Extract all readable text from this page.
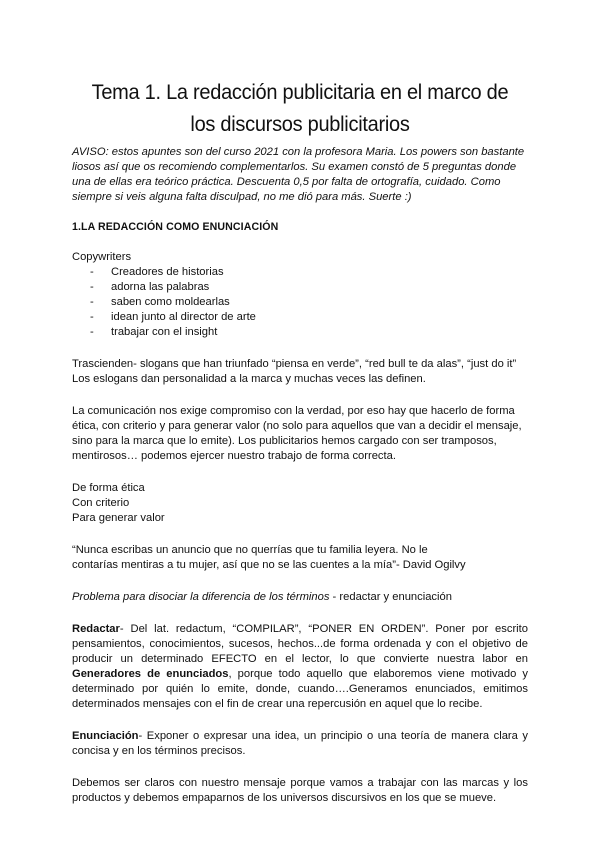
Tema 1. La redacción publicitaria en el marco de los discursos publicitarios

AVISO: estos apuntes son del curso 2021 con la profesora Maria. Los powers son bastante liosos así que os recomiendo complementarlos. Su examen constó de 5 preguntas donde una de ellas era teórico práctica. Descuenta 0,5 por falta de ortografía, cuidado. Como siempre si veis alguna falta disculpad, no me dió para más. Suerte :)

1.LA REDACCIÓN COMO ENUNCIACIÓN

Copywriters

- Creadores de historias
- adorna las palabras
- saben como moldearlas
- idean junto al director de arte
- trabajar con el insight

Trascienden- slogans que han triunfado “piensa en verde”, “red bull te da alas”, “just do it”

Los eslogans dan personalidad a la marca y muchas veces las definen.

La comunicación nos exige compromiso con la verdad, por eso hay que hacerlo de forma ética, con criterio y para generar valor (no solo para aquellos que van a decidir el mensaje, sino para la marca que lo emite). Los publicitarios hemos cargado con ser tramposos, mentirosos… podemos ejercer nuestro trabajo de forma correcta.

De forma ética

Con criterio

Para generar valor

“Nunca escribas un anuncio que no querrías que tu familia leyera. No le

contarías mentiras a tu mujer, así que no se las cuentes a la mía”- David Ogilvy

Problema para disociar la diferencia de los términos - redactar y enunciación

Redactar- Del lat. redactum, “COMPILAR”, “PONER EN ORDEN”. Poner por escrito pensamientos, conocimientos, sucesos, hechos...de forma ordenada y con el objetivo de producir un determinado EFECTO en el lector, lo que convierte nuestra labor en Generadores de enunciados, porque todo aquello que elaboremos viene motivado y determinado por quién lo emite, donde, cuando….Generamos enunciados, emitimos determinados mensajes con el fin de crear una repercusión en aquel que lo recibe.

Enunciación- Exponer o expresar una idea, un principio o una teoría de manera clara y concisa y en los términos precisos.

Debemos ser claros con nuestro mensaje porque vamos a trabajar con las marcas y los productos y debemos empaparnos de los universos discursivos en los que se mueve.
